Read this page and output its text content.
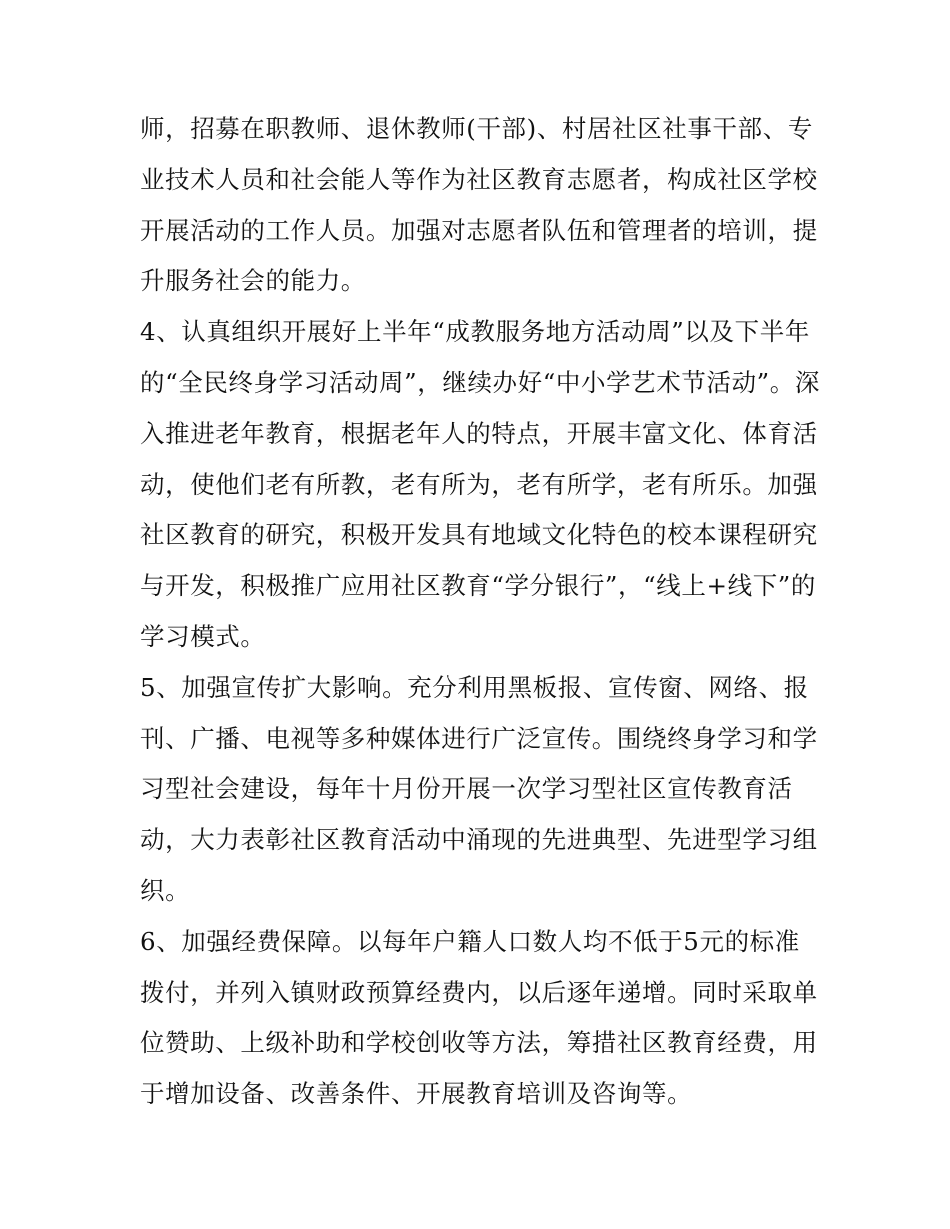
师，招募在职教师、退休教师(干部)、村居社区社事干部、专
业技术人员和社会能人等作为社区教育志愿者，构成社区学校
开展活动的工作人员。加强对志愿者队伍和管理者的培训，提
升服务社会的能力。
4、认真组织开展好上半年“成教服务地方活动周”以及下半年
的“全民终身学习活动周”，继续办好“中小学艺术节活动”。深
入推进老年教育，根据老年人的特点，开展丰富文化、体育活
动，使他们老有所教，老有所为，老有所学，老有所乐。加强
社区教育的研究，积极开发具有地域文化特色的校本课程研究
与开发，积极推广应用社区教育“学分银行”，“线上+线下”的
学习模式。
5、加强宣传扩大影响。充分利用黑板报、宣传窗、网络、报
刊、广播、电视等多种媒体进行广泛宣传。围绕终身学习和学
习型社会建设，每年十月份开展一次学习型社区宣传教育活
动，大力表彰社区教育活动中涌现的先进典型、先进型学习组
织。
6、加强经费保障。以每年户籍人口数人均不低于5元的标准
拨付，并列入镇财政预算经费内，以后逐年递增。同时采取单
位赞助、上级补助和学校创收等方法，筹措社区教育经费，用
于增加设备、改善条件、开展教育培训及咨询等。
